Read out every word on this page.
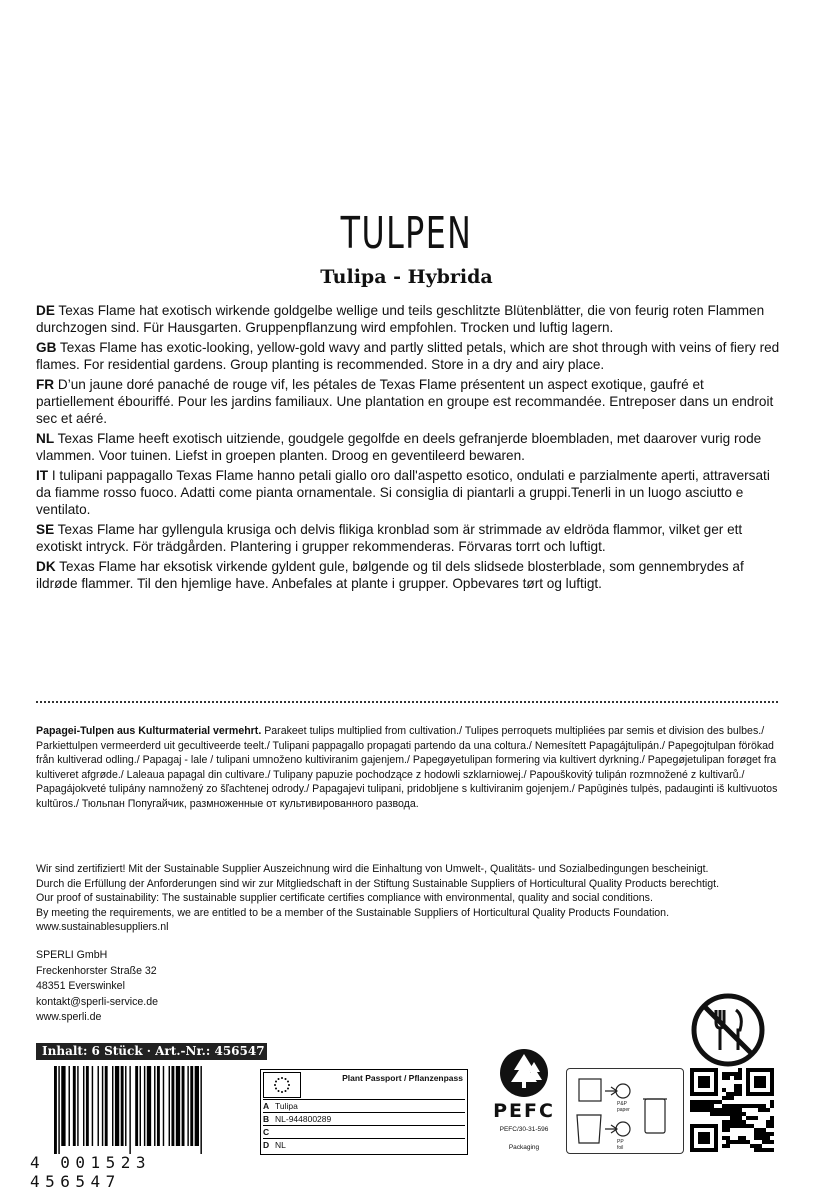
TULPEN
Tulipa - Hybrida

DE Texas Flame hat exotisch wirkende goldgelbe wellige und teils geschlitzte Blütenblätter, die von feurig roten Flammen durchzogen sind. Für Hausgarten. Gruppenpflanzung wird empfohlen. Trocken und luftig lagern.

GB Texas Flame has exotic-looking, yellow-gold wavy and partly slitted petals, which are shot through with veins of fiery red flames. For residential gardens. Group planting is recommended. Store in a dry and airy place.

FR D’un jaune doré panaché de rouge vif, les pétales de Texas Flame présentent un aspect exotique, gaufré et partiellement ébouriffé. Pour les jardins familiaux. Une plantation en groupe est recommandée. Entreposer dans un endroit sec et aéré.

NL Texas Flame heeft exotisch uitziende, goudgele gegolfde en deels gefranjerde bloembladen, met daarover vurig rode vlammen. Voor tuinen. Liefst in groepen planten. Droog en geventileerd bewaren.

IT I tulipani pappagallo Texas Flame hanno petali giallo oro dall'aspetto esotico, ondulati e parzialmente aperti, attraversati da fiamme rosso fuoco. Adatti come pianta ornamentale. Si consiglia di piantarli a gruppi.Tenerli in un luogo asciutto e ventilato.

SE Texas Flame har gyllengula krusiga och delvis flikiga kronblad som är strimmade av eldröda flammor, vilket ger ett exotiskt intryck. För trädgården. Plantering i grupper rekommenderas. Förvaras torrt och luftigt.

DK Texas Flame har eksotisk virkende gyldent gule, bølgende og til dels slidsede blosterblade, som gennembrydes af ildrøde flammer. Til den hjemlige have. Anbefales at plante i grupper. Opbevares tørt og luftigt.

Papagei-Tulpen aus Kulturmaterial vermehrt. Parakeet tulips multiplied from cultivation./ Tulipes perroquets multipliées par semis et division des bulbes./ Parkiettulpen vermeerderd uit gecultiveerde teelt./ Tulipani pappagallo propagati partendo da una coltura./ Nemesített Papagájtulipán./ Papegojtulpan förökad från kultiverad odling./ Papagaj - lale / tulipani umnoženo kultiviranim gajenjem./ Papegøyetulipan formering via kultivert dyrkning./ Papegøjetulipan forøget fra kultiveret afgrøde./ Laleaua papagal din cultivare./ Tulipany papuzie pochodzące z hodowli szklarniowej./ Papouškovitý tulipán rozmnožené z kultivarů./ Papagájokveté tulipány namnožený zo šľachtenej odrody./ Papagajevi tulipani, pridobljene s kultiviranim gojenjem./ Papūginės tulpės, padauginti iš kultivuotos kultūros./ Тюльпан Попугайчик, размноженные от культивированного развода.
Wir sind zertifiziert! Mit der Sustainable Supplier Auszeichnung wird die Einhaltung von Umwelt-, Qualitäts- und Sozialbedingungen bescheinigt.
Durch die Erfüllung der Anforderungen sind wir zur Mitgliedschaft in der Stiftung Sustainable Suppliers of Horticultural Quality Products berechtigt.
Our proof of sustainability: The sustainable supplier certificate certifies compliance with environmental, quality and social conditions.
By meeting the requirements, we are entitled to be a member of the Sustainable Suppliers of Horticultural Quality Products Foundation.
www.sustainablesuppliers.nl
SPERLI GmbH
Freckenhorster Straße 32
48351 Everswinkel
kontakt@sperli-service.de
www.sperli.de
Inhalt: 6 Stück · Art.-Nr.: 456547
4 001523 456547
Plant Passport / Pflanzenpass
A Tulipa
B NL-944800289
C
D NL
PEFC
PEFC/30-31-596
Packaging
P&P
paper
PP
foil
